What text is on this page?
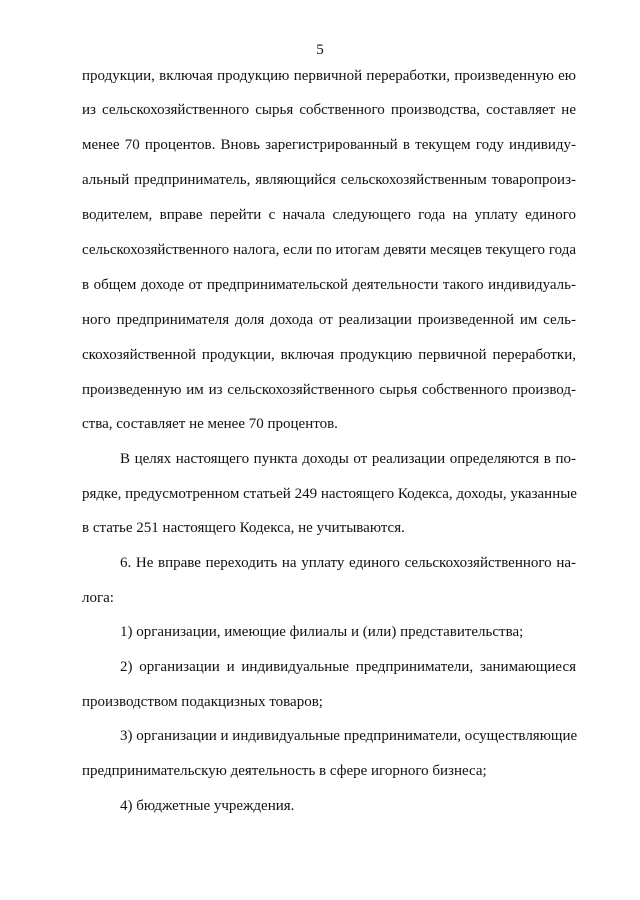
5
продукции, включая продукцию первичной переработки, произведенную ею
из сельскохозяйственного сырья собственного производства, составляет не
менее 70 процентов. Вновь зарегистрированный в текущем году индивиду-
альный предприниматель, являющийся сельскохозяйственным товаропроиз-
водителем, вправе перейти с начала следующего года на уплату единого
сельскохозяйственного налога, если по итогам девяти месяцев текущего года
в общем доходе от предпринимательской деятельности такого индивидуаль-
ного предпринимателя доля дохода от реализации произведенной им сель-
скохозяйственной продукции, включая продукцию первичной переработки,
произведенную им из сельскохозяйственного сырья собственного производ-
ства, составляет не менее 70 процентов.
В целях настоящего пункта доходы от реализации определяются в по-
рядке, предусмотренном статьей 249 настоящего Кодекса, доходы, указанные
в статье 251 настоящего Кодекса, не учитываются.
6. Не вправе переходить на уплату единого сельскохозяйственного на-
лога:
1) организации, имеющие филиалы и (или) представительства;
2) организации и индивидуальные предприниматели, занимающиеся
производством подакцизных товаров;
3) организации и индивидуальные предприниматели, осуществляющие
предпринимательскую деятельность в сфере игорного бизнеса;
4) бюджетные учреждения.
